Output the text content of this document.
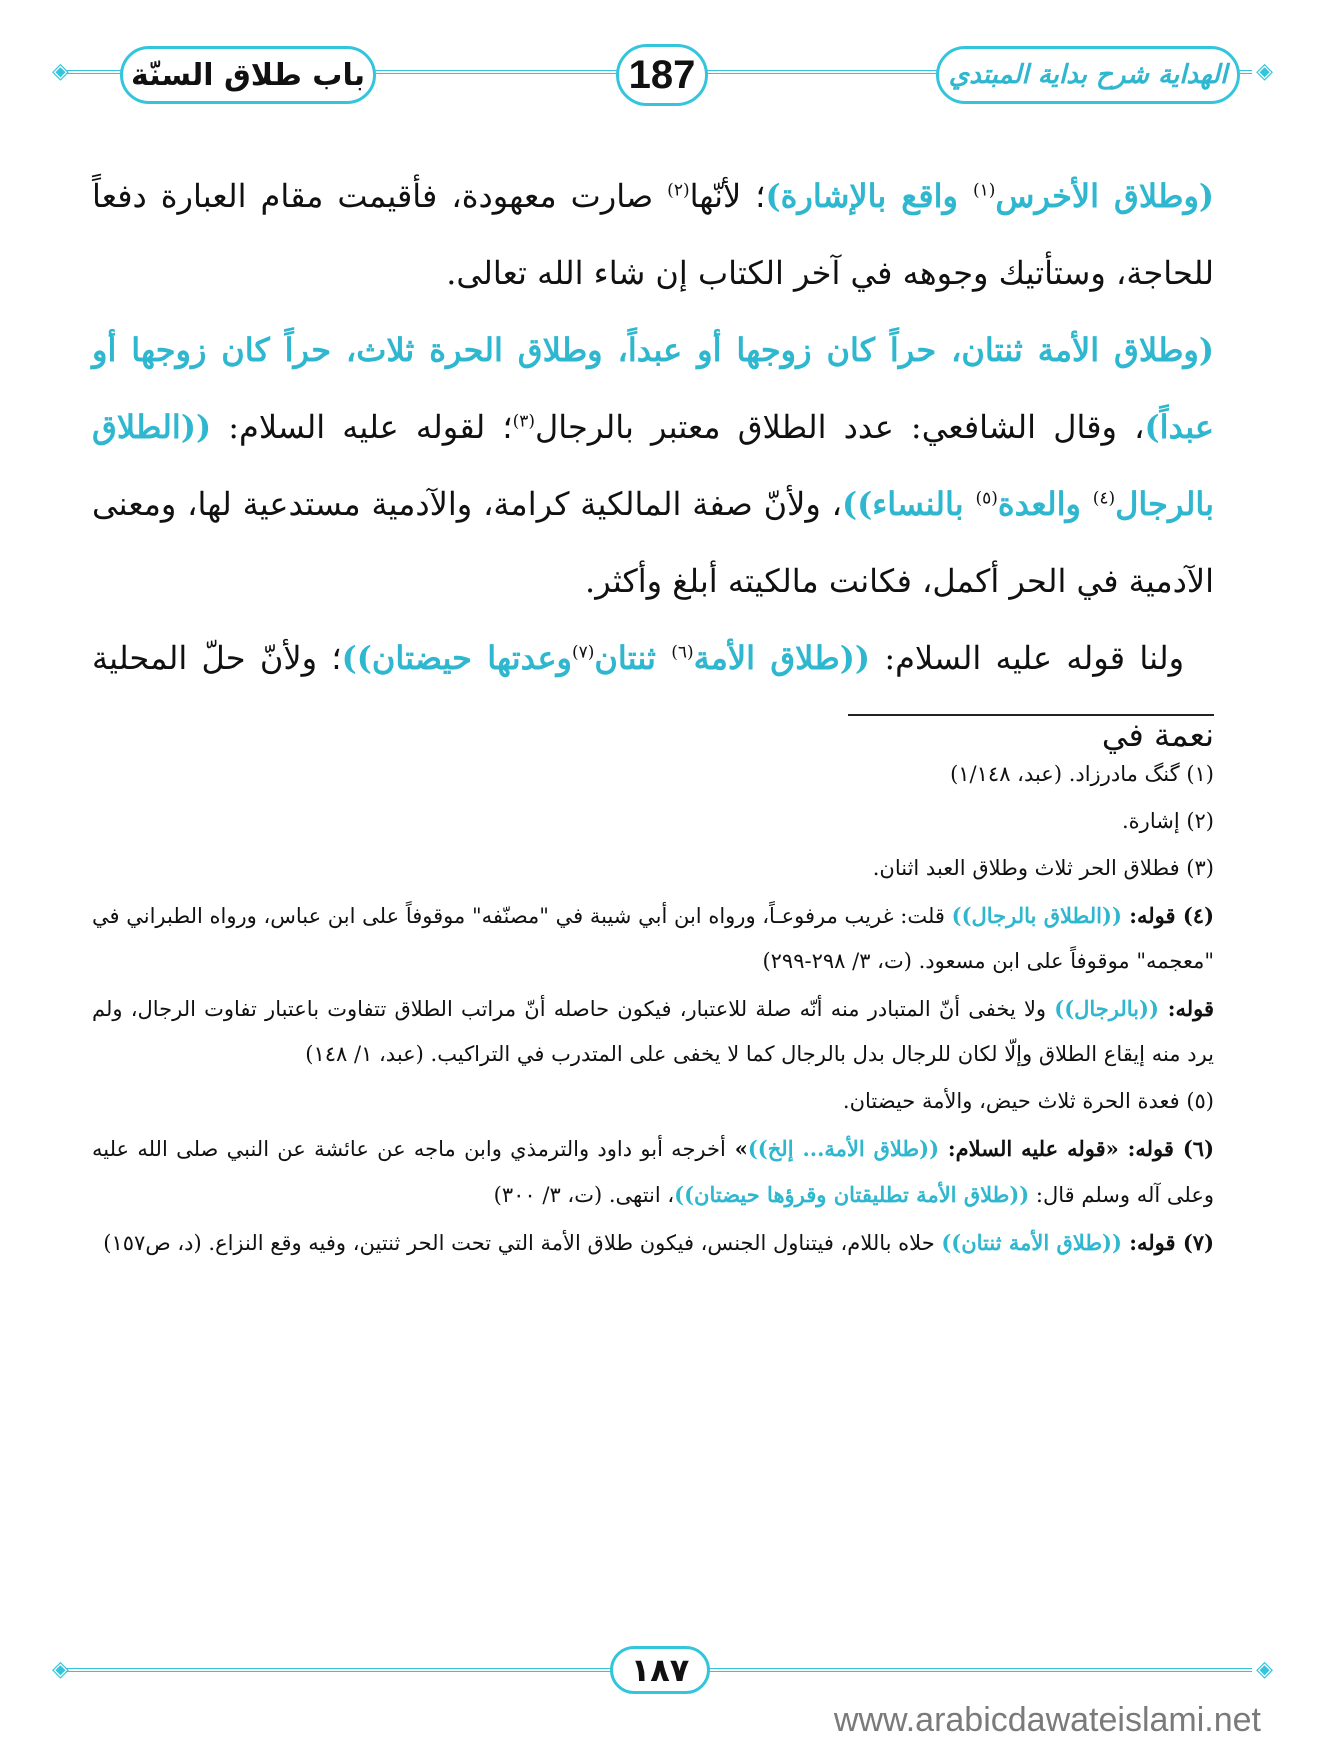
◈	◈
باب طلاق السنّة	187	الهداية شرح بداية المبتدي

(وطلاق الأخرس$^{(١)}$ واقع بالإشارة)؛ لأنّها$^{(٢)}$ صارت معهودة، فأقيمت مقام العبارة دفعاً للحاجة، وستأتيك وجوهه في آخر الكتاب إن شاء الله تعالى.

(وطلاق الأمة ثنتان، حراً كان زوجها أو عبداً، وطلاق الحرة ثلاث، حراً كان زوجها أو عبداً)، وقال الشافعي: عدد الطلاق معتبر بالرجال$^{(٣)}$؛ لقوله عليه السلام: ((الطلاق بالرجال$^{(٤)}$ والعدة$^{(٥)}$ بالنساء))، ولأنّ صفة المالكية كرامة، والآدمية مستدعية لها، ومعنى الآدمية في الحر أكمل، فكانت مالكيته أبلغ وأكثر.

ولنا قوله عليه السلام: ((طلاق الأمة$^{(٦)}$ ثنتان$^{(٧)}$وعدتها حيضتان))؛ ولأنّ حلّ المحلية نعمة في

(١) گنگ مادرزاد. (عبد، ١/١٤٨)

(٢) إشارة.

(٣) فطلاق الحر ثلاث وطلاق العبد اثنان.

(٤) قوله: ((الطلاق بالرجال)) قلت: غريب مرفوعـاً، ورواه ابن أبي شيبة في "مصنّفه" موقوفاً على ابن عباس، ورواه الطبراني في "معجمه" موقوفاً على ابن مسعود. (ت، ٣/ ٢٩٨-٢٩٩)

قوله: ((بالرجال)) ولا يخفى أنّ المتبادر منه أنّه صلة للاعتبار، فيكون حاصله أنّ مراتب الطلاق تتفاوت باعتبار تفاوت الرجال، ولم يرد منه إيقاع الطلاق وإلّا لكان للرجال بدل بالرجال كما لا يخفى على المتدرب في التراكيب. (عبد، ١/ ١٤٨)

(٥) فعدة الحرة ثلاث حيض، والأمة حيضتان.

(٦) قوله: «قوله عليه السلام: ((طلاق الأمة... إلخ))» أخرجه أبو داود والترمذي وابن ماجه عن عائشة عن النبي صلى الله عليه وعلى آله وسلم قال: ((طلاق الأمة تطليقتان وقرؤها حيضتان))، انتهى. (ت، ٣/ ٣٠٠)

(٧) قوله: ((طلاق الأمة ثنتان)) حلاه باللام، فيتناول الجنس، فيكون طلاق الأمة التي تحت الحر ثنتين، وفيه وقع النزاع. (د، ص١٥٧)

◈	◈
١٨٧
www.arabicdawateislami.net
